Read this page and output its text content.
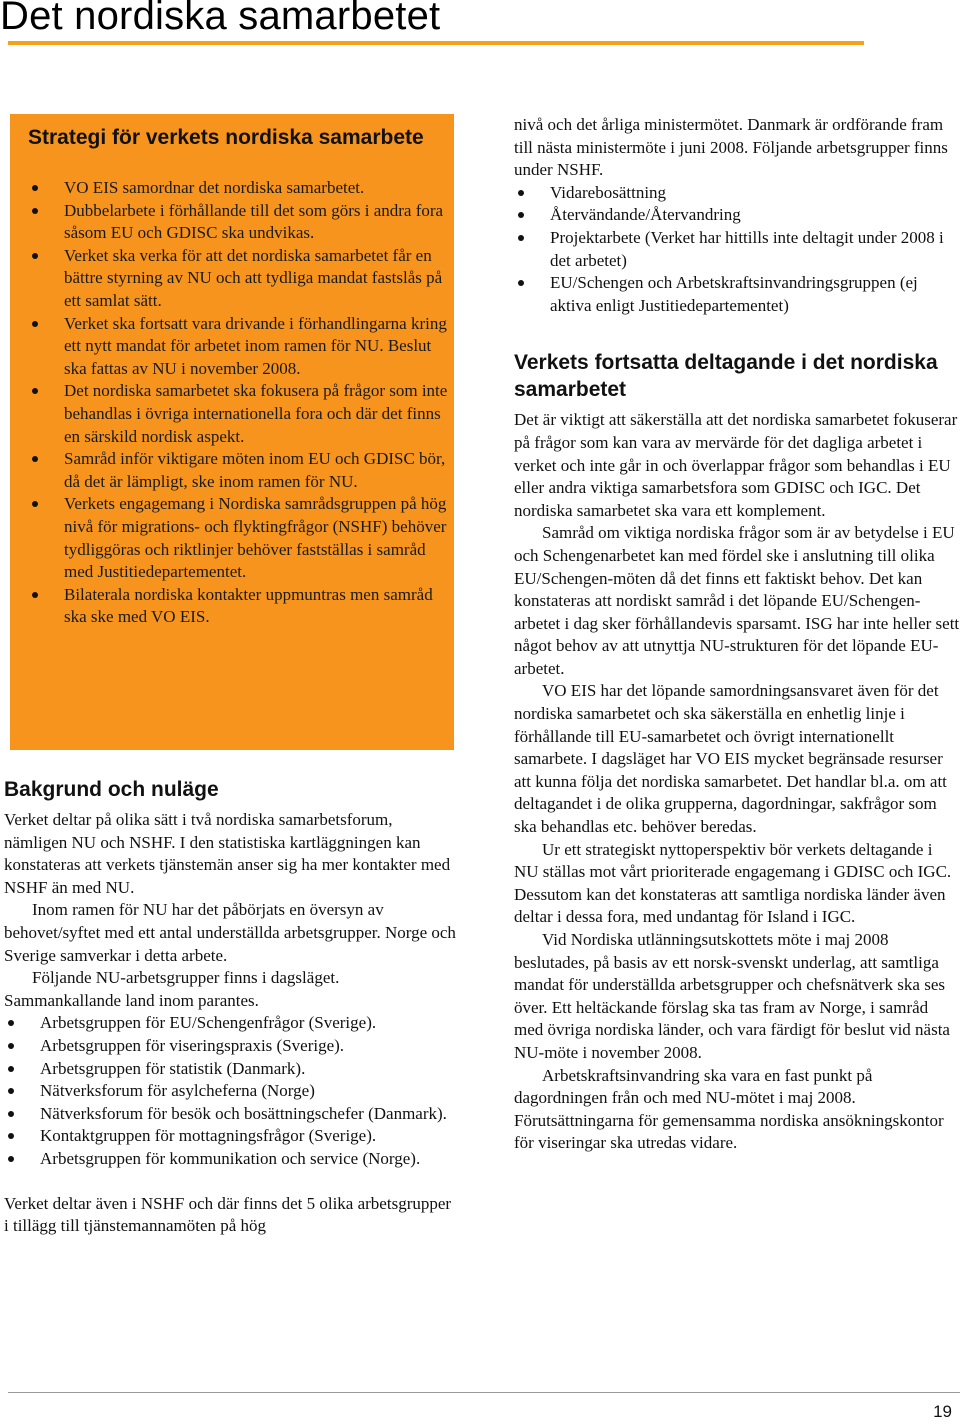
Det nordiska samarbetet
Strategi för verkets nordiska samarbete
VO EIS samordnar det nordiska samarbetet.
Dubbelarbete i förhållande till det som görs i andra fora såsom EU och GDISC ska undvikas.
Verket ska verka för att det nordiska samarbetet får en bättre styrning av NU och att tydliga mandat fastslås på ett samlat sätt.
Verket ska fortsatt vara drivande i förhandlingarna kring ett nytt mandat för arbetet inom ramen för NU. Beslut ska fattas av NU i november 2008.
Det nordiska samarbetet ska fokusera på frågor som inte behandlas i övriga internationella fora och där det finns en särskild nordisk aspekt.
Samråd inför viktigare möten inom EU och GDISC bör, då det är lämpligt, ske inom ramen för NU.
Verkets engagemang i Nordiska samrådsgruppen på hög nivå för migrations- och flyktingfrågor (NSHF) behöver tydliggöras och riktlinjer behöver fastställas i samråd med Justitiedepartementet.
Bilaterala nordiska kontakter uppmuntras men samråd ska ske med VO EIS.
Bakgrund och nuläge

Verket deltar på olika sätt i två nordiska samarbetsforum, nämligen NU och NSHF. I den statistiska kartläggningen kan konstateras att verkets tjänstemän anser sig ha mer kontakter med NSHF än med NU.

Inom ramen för NU har det påbörjats en översyn av behovet/syftet med ett antal underställda arbetsgrupper. Norge och Sverige samverkar i detta arbete.

Följande NU-arbetsgrupper finns i dagsläget. Sammankallande land inom parantes.

Arbetsgruppen för EU/Schengenfrågor (Sverige).
Arbetsgruppen för viseringspraxis (Sverige).
Arbetsgruppen för statistik (Danmark).
Nätverksforum för asylcheferna (Norge)
Nätverksforum för besök och bosättningschefer (Danmark).
Kontaktgruppen för mottagningsfrågor (Sverige).
Arbetsgruppen för kommunikation och service (Norge).

Verket deltar även i NSHF och där finns det 5 olika arbetsgrupper i tillägg till tjänstemannamöten på hög

nivå och det årliga ministermötet. Danmark är ordförande fram till nästa ministermöte i juni 2008. Följande arbetsgrupper finns under NSHF.

Vidarebosättning
Återvändande/Återvandring
Projektarbete (Verket har hittills inte deltagit under 2008 i det arbetet)
EU/Schengen och Arbetskraftsinvandringsgruppen (ej aktiva enligt Justitiedepartementet)
Verkets fortsatta deltagande i det nordiska samarbetet

Det är viktigt att säkerställa att det nordiska samarbetet fokuserar på frågor som kan vara av mervärde för det dagliga arbetet i verket och inte går in och överlappar frågor som behandlas i EU eller andra viktiga samarbetsfora som GDISC och IGC. Det nordiska samarbetet ska vara ett komplement.

Samråd om viktiga nordiska frågor som är av betydelse i EU och Schengenarbetet kan med fördel ske i anslutning till olika EU/Schengen-möten då det finns ett faktiskt behov. Det kan konstateras att nordiskt samråd i det löpande EU/Schengen-arbetet i dag sker förhållandevis sparsamt. ISG har inte heller sett något behov av att utnyttja NU-strukturen för det löpande EU-arbetet.

VO EIS har det löpande samordningsansvaret även för det nordiska samarbetet och ska säkerställa en enhetlig linje i förhållande till EU-samarbetet och övrigt internationellt samarbete. I dagsläget har VO EIS mycket begränsade resurser att kunna följa det nordiska samarbetet. Det handlar bl.a. om att deltagandet i de olika grupperna, dagordningar, sakfrågor som ska behandlas etc. behöver beredas.

Ur ett strategiskt nyttoperspektiv bör verkets deltagande i NU ställas mot vårt prioriterade engagemang i GDISC och IGC. Dessutom kan det konstateras att samtliga nordiska länder även deltar i dessa fora, med undantag för Island i IGC.

Vid Nordiska utlänningsutskottets möte i maj 2008 beslutades, på basis av ett norsk-svenskt underlag, att samtliga mandat för underställda arbetsgrupper och chefsnätverk ska ses över. Ett heltäckande förslag ska tas fram av Norge, i samråd med övriga nordiska länder, och vara färdigt för beslut vid nästa NU-möte i november 2008.

Arbetskraftsinvandring ska vara en fast punkt på dagordningen från och med NU-mötet i maj 2008. Förutsättningarna för gemensamma nordiska ansökningskontor för viseringar ska utredas vidare.

19
